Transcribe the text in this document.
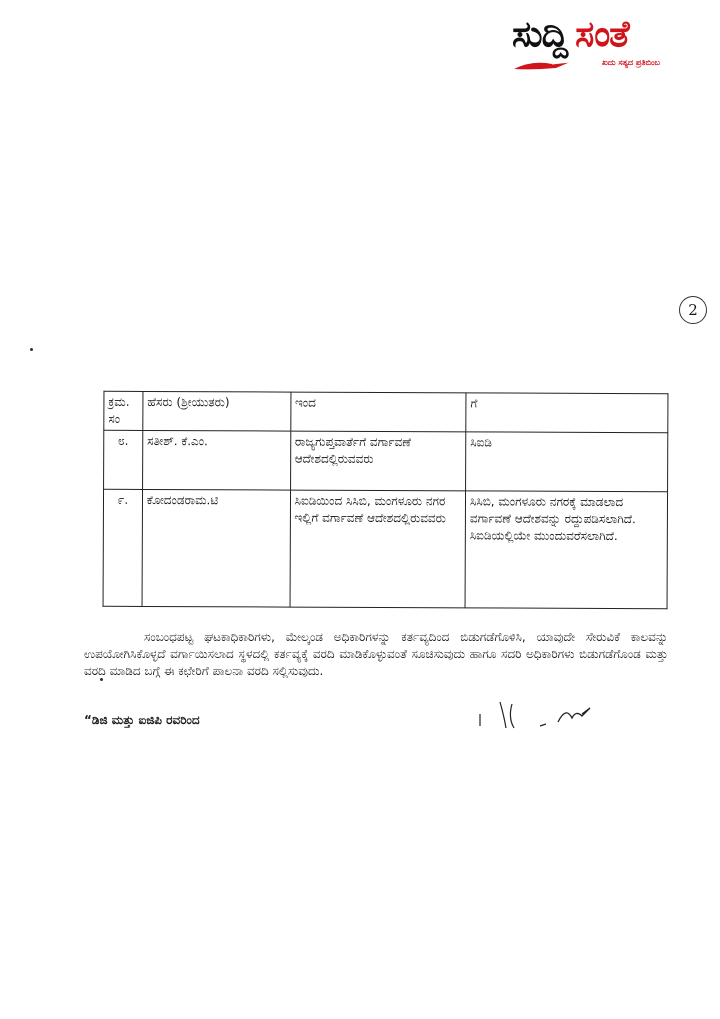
ಸುದ್ದಿ ಸಂತೆ
ಖದು ಸತ್ಯದ ಪ್ರತಿಬಿಂಬ
2
ಕ್ರಮ. ಸಂ	ಹೆಸರು (ಶ್ರೀಯುತರು)	ಇಂದ	ಗೆ
೮.	ಸತೀಶ್. ಕೆ.ಎಂ.	ರಾಜ್ಯಗುಪ್ತವಾರ್ತೆಗೆ ವರ್ಗಾವಣೆ ಆದೇಶದಲ್ಲಿರುವವರು	ಸಿಐಡಿ
೯.	ಕೋದಂಡರಾಮ.ಟಿ	ಸಿಐಡಿಯಿಂದ ಸಿಸಿಬಿ, ಮಂಗಳೂರು ನಗರ ಇಲ್ಲಿಗೆ ವರ್ಗಾವಣೆ ಆದೇಶದಲ್ಲಿರುವವರು	ಸಿಸಿಬಿ, ಮಂಗಳೂರು ನಗರಕ್ಕೆ ಮಾಡಲಾದ ವರ್ಗಾವಣೆ ಆದೇಶವನ್ನು ರದ್ದುಪಡಿಸಲಾಗಿದೆ. ಸಿಐಡಿಯಲ್ಲಿಯೇ ಮುಂದುವರೆಸಲಾಗಿದೆ.
ಸಂಬಂಧಪಟ್ಟ ಘಟಕಾಧಿಕಾರಿಗಳು, ಮೇಲ್ಕಂಡ ಅಧಿಕಾರಿಗಳನ್ನು ಕರ್ತವ್ಯದಿಂದ ಬಿಡುಗಡೆಗೊಳಿಸಿ, ಯಾವುದೇ ಸೇರುವಿಕೆ ಕಾಲವನ್ನು ಉಪಯೋಗಿಸಿಕೊಳ್ಳದೆ ವರ್ಗಾಯಿಸಲಾದ ಸ್ಥಳದಲ್ಲಿ ಕರ್ತವ್ಯಕ್ಕೆ ವರದಿ ಮಾಡಿಕೊಳ್ಳುವಂತೆ ಸೂಚಿಸುವುದು ಹಾಗೂ ಸದರಿ ಅಧಿಕಾರಿಗಳು ಬಿಡುಗಡೆಗೊಂಡ ಮತ್ತು ವರದಿ ಮಾಡಿದ ಬಗ್ಗೆ ಈ ಕಛೇರಿಗೆ ಪಾಲನಾ ವರದಿ ಸಲ್ಲಿಸುವುದು.
“ಡಿಜಿ ಮತ್ತು ಐಜಿಪಿ ರವರಿಂದ
